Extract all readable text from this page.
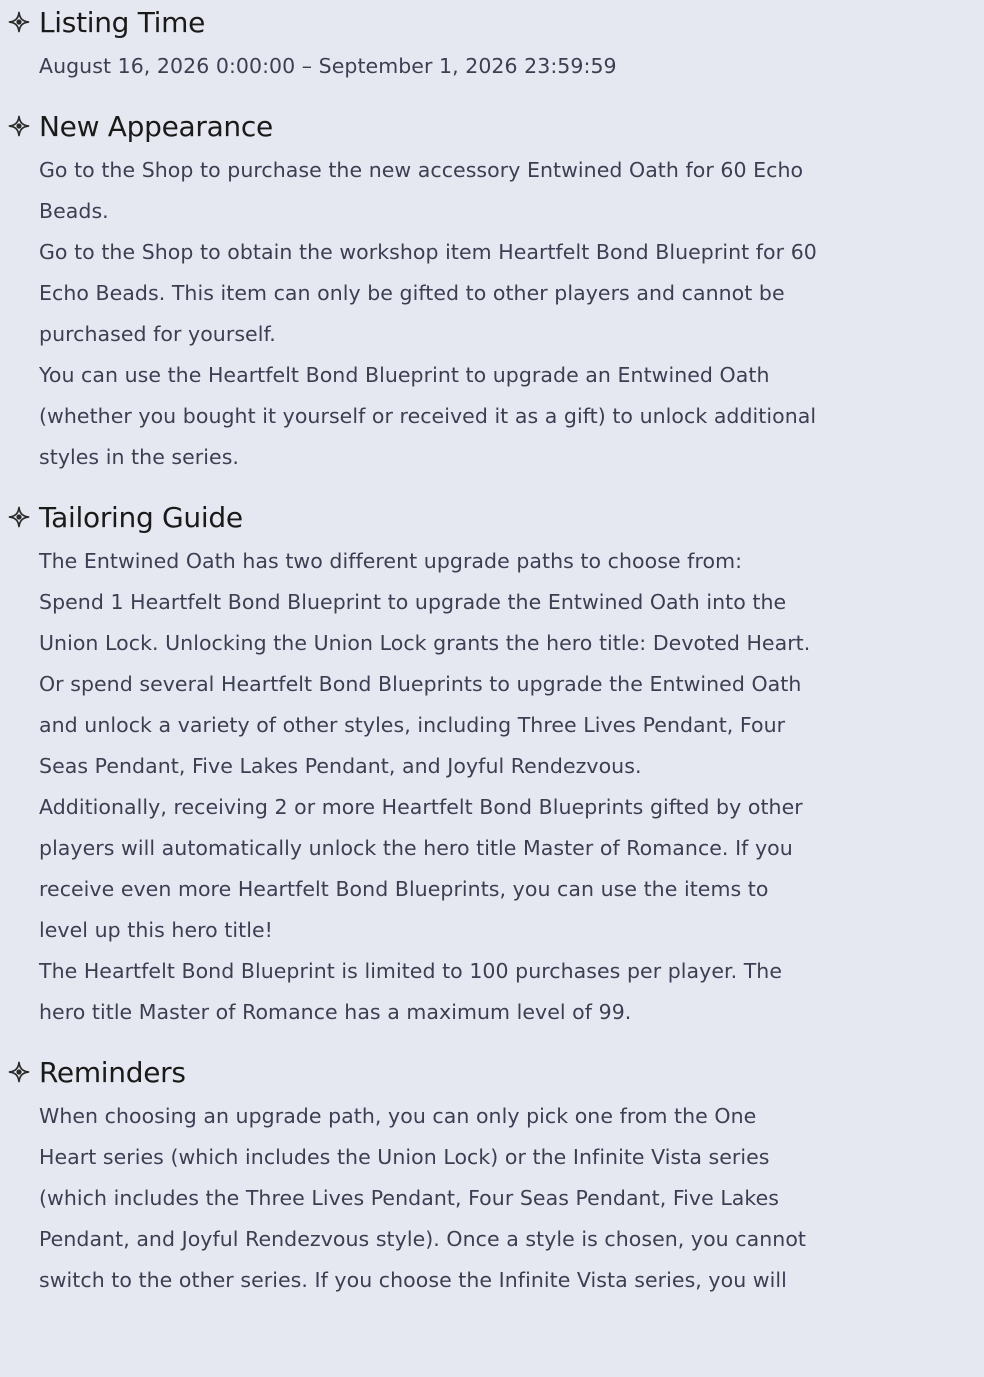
Listing Time

August 16, 2026 0:00:00 – September 1, 2026 23:59:59

New Appearance

Go to the Shop to purchase the new accessory Entwined Oath for 60 Echo Beads.

Go to the Shop to obtain the workshop item Heartfelt Bond Blueprint for 60 Echo Beads. This item can only be gifted to other players and cannot be purchased for yourself.

You can use the Heartfelt Bond Blueprint to upgrade an Entwined Oath (whether you bought it yourself or received it as a gift) to unlock additional styles in the series.

Tailoring Guide

The Entwined Oath has two different upgrade paths to choose from:

Spend 1 Heartfelt Bond Blueprint to upgrade the Entwined Oath into the Union Lock. Unlocking the Union Lock grants the hero title: Devoted Heart.

Or spend several Heartfelt Bond Blueprints to upgrade the Entwined Oath and unlock a variety of other styles, including Three Lives Pendant, Four Seas Pendant, Five Lakes Pendant, and Joyful Rendezvous.

Additionally, receiving 2 or more Heartfelt Bond Blueprints gifted by other players will automatically unlock the hero title Master of Romance. If you receive even more Heartfelt Bond Blueprints, you can use the items to level up this hero title!

The Heartfelt Bond Blueprint is limited to 100 purchases per player. The hero title Master of Romance has a maximum level of 99.

Reminders

When choosing an upgrade path, you can only pick one from the One Heart series (which includes the Union Lock) or the Infinite Vista series (which includes the Three Lives Pendant, Four Seas Pendant, Five Lakes Pendant, and Joyful Rendezvous style). Once a style is chosen, you cannot switch to the other series. If you choose the Infinite Vista series, you will
